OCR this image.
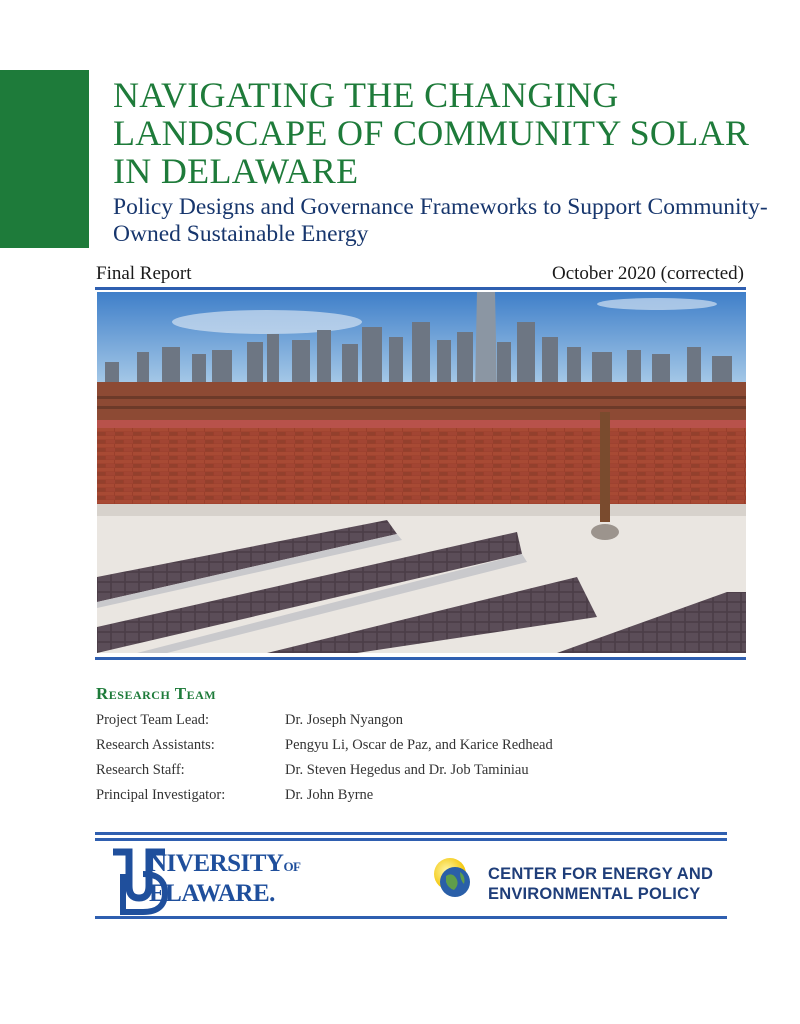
NAVIGATING THE CHANGING LANDSCAPE OF COMMUNITY SOLAR IN DELAWARE
Policy Designs and Governance Frameworks to Support Community-Owned Sustainable Energy
Final Report	October 2020 (corrected)
Research Team
Project Team Lead:	Dr. Joseph Nyangon
Research Assistants:	Pengyu Li, Oscar de Paz, and Karice Redhead
Research Staff:	Dr. Steven Hegedus and Dr. Job Taminiau
Principal Investigator:	Dr. John Byrne
NIVERSITYOF
ELAWARE.
CENTER FOR ENERGY AND
ENVIRONMENTAL POLICY
